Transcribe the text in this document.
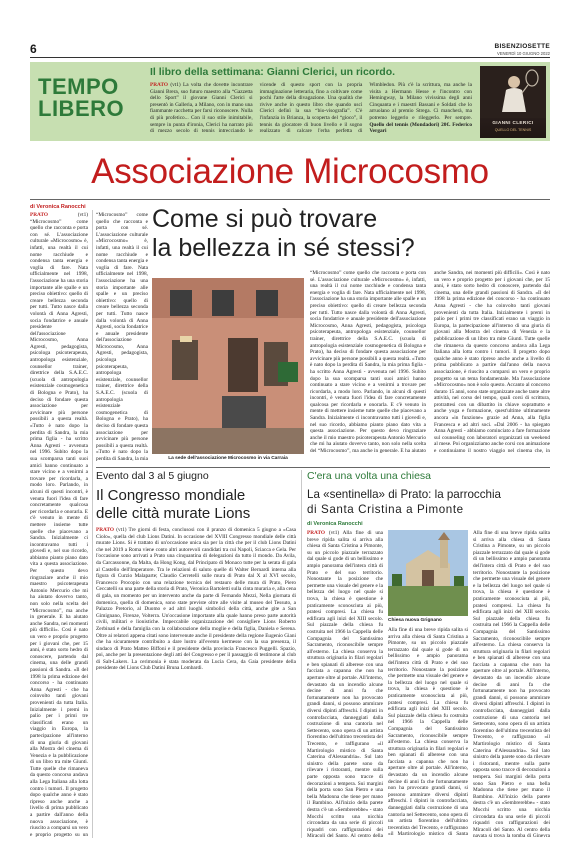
6	BISENZIOSETTE
VENERDÌ 10 GIUGNO 2022
TEMPO
LIBERO
Il libro della settimana: Gianni Clerici, un ricordo.
PRATO (vt1) La volta che dovette incontrare Gianni Brera, suo futuro maestro alla “Gazzetta dello Sport” il giovane Gianni Clerici si presentò in Galleria, a Milano, con in mano una fiammante racchetta per farsi riconoscere. Nulla di più profetico... Con il suo stile inimitabile, sempre in punta d'ironia, Clerici ha narrato più di mezzo secolo di tennis intrecciando le vicende di questo sport con la propria immaginazione letteraria, fino a coltivare come pochi l'arte della divagazione. Una qualità che rivive anche in questo libro che quando uscì Clerici definì la sua “bio-visografia”. C'è l'infanzia in Brianza, la scoperta del “gioco”, il tennis da giocatore di buon livello e il sogno realizzato di calcare l'erba perfetta di Wimbledon. Più c'è la scrittura, ma anche la visita a Hermann Hesse e l'incontro con Hemingway, la Milano vivissima degli anni Cinquanta e i maestri Bassani e Soldati che lo arruolano al premio Strega. Ci mancherà, ma potremo leggerlo e rileggerlo. Per sempre. Quello del tennis (Mondadori) 20€. Federico Vergari
GIANNI CLERICI
QUELLO DEL TENNIS
Associazione Microcosmo
di Veronica Ranocchi	Come si può trovare
la bellezza in sé stessi?
PRATO	(vt1) “Microcosmo” come quello che racconta e porta con sé. L'associazione culturale «Microcosmo» è, infatti, una realtà il cui nome racchiude e condensa tanta energia e voglia di fare. Nata ufficialmente nel 1998, l'associazione ha una storia importante alle spalle e un preciso obiettivo: quello di creare bellezza seconda per tutti. Tutto nasce dalla volontà di Anna Agresti, socia fondatrice e anuale presidente dell'associazione Microcosmo, Anna Agresti, pedagogista, psicologa psicoterapeuta, antropologa esistenziale, counsellor trainer, direttrice della S.A.E.C. (scuola di antropologia esistenziale cosmogenetica di Bologna e Prato), ha deciso di fondare questa associazione per avvicinare più persone possibili a questa realtà. «Tutto è nato dopo la perdita di Sandra, la mia prima figlia - ha scritto Anna Agresti - avvenuta nel 1996. Subito dopo la sua scomparsa tanti suoi amici hanno continuato a stare vicino e a venirmi a trovare per ricordarla, a modo loro. Parlando, in alcuni di questi incontri, è venuta fuori l'idea di fare concretamente qualcosa per ricordarla e onorarla. E c'è venuto in mente di mettere insieme tutte quelle che piacevano a Sandra. Inizialmente ci incontravamo tutti i giovedì e, nel suo ricordo, abbiamo pianto piano dato vita a questa associazione. Per questo devo ringraziare anche il mio maestro psicoterapeuta Antonio Mercurio che mi ha aiutato dovervo tanto, non solo nella scelta del “Microcosmo”, ma anche in generale. E ha aiutato anche Sandra, nei momenti più difficili». Così è nato un vero e proprio progetto per i giovani che, per 15 anni, è stato sorto hedro di conoscere, partendo dal cinema, una delle grandi passioni di Sandra. «Il del 1998 la prima edizione del concorso - ha continuato Anna Agresti - che ha coinvolto tanti giovani provenienti da tutta Italia. Inizialmente i premi in palio per i primi tre classificati erano un viaggio in Europa, la partecipazione all'interno di una giuria di giovani alla Mostra del cinema di Venezia e la pubblicazione di un libro tra mite Giunti. Tutte quelle che rimaneva da questo concorso andava alla Lega Italiana alla lotta contro i tumori. Il progetto dopo qualche anno è stato ripreso anche anche a livello di prima pubblicato a partire dall'anno della nuova associazione, è riuscito a comparsi un vero e proprio progetto su un
“Microcosmo” come quello che racconta e porta con sé. L'associazione culturale «Microcosmo» è, infatti, una realtà il cui nome racchiude e condensa tanta energia e voglia di fare. Nata ufficialmente nel 1998, l'associazione ha una storia importante alle spalle e un preciso obiettivo: quello di creare bellezza seconda per tutti. Tutto nasce dalla volontà di Anna Agresti, socia fondatrice e anuale presidente dell'associazione Microcosmo, Anna Agresti, pedagogista, psicologa psicoterapeuta, antropologa esistenziale, counsellor trainer, direttrice della S.A.E.C. (scuola di antropologia esistenziale cosmogenetica di Bologna e Prato), ha deciso di fondare questa associazione per avvicinare più persone possibili a questa realtà. «Tutto è nato dopo la perdita di Sandra, la mia	La sede dell'associazione Microcosmo in via Carraia
“Microcosmo” come quello che racconta e porta con sé. L'associazione culturale «Microcosmo» è, infatti, una realtà il cui nome racchiude e condensa tanta energia e voglia di fare. Nata ufficialmente nel 1998, l'associazione ha una storia importante alle spalle e un preciso obiettivo: quello di creare bellezza seconda per tutti. Tutto nasce dalla volontà di Anna Agresti, socia fondatrice e anuale presidente dell'associazione Microcosmo, Anna Agresti, pedagogista, psicologa psicoterapeuta, antropologa esistenziale, counsellor trainer, direttrice della S.A.E.C. (scuola di antropologia esistenziale cosmogenetica di Bologna e Prato), ha deciso di fondare questa associazione per avvicinare più persone possibili a questa realtà. «Tutto è nato dopo la perdita di Sandra, la mia prima figlia - ha scritto Anna Agresti - avvenuta nel 1996. Subito dopo la sua scomparsa tanti suoi amici hanno continuato a stare vicino e a venirmi a trovare per ricordarla, a modo loro. Parlando, in alcuni di questi incontri, è venuta fuori l'idea di fare concretamente qualcosa per ricordarla e onorarla. E c'è venuto in mente di mettere insieme tutte quelle che piacevano a Sandra. Inizialmente ci incontravamo tutti i giovedì e, nel suo ricordo, abbiamo pianto piano dato vita a questa associazione. Per questo devo ringraziare anche il mio maestro psicoterapeuta Antonio Mercurio che mi ha aiutato dovervo tanto, non solo nella scelta del “Microcosmo”, ma anche in generale. E ha aiutato anche Sandra, nei momenti più difficili». Così è nato un vero e proprio progetto per i giovani che, per 15 anni, è stato sorto hedro di conoscere, partendo dal cinema, una delle grandi passioni di Sandra. «Il del 1998 la prima edizione del concorso - ha continuato Anna Agresti - che ha coinvolto tanti giovani provenienti da tutta Italia. Inizialmente i premi in palio per i primi tre classificati erano un viaggio in Europa, la partecipazione all'interno di una giuria di giovani alla Mostra del cinema di Venezia e la pubblicazione di un libro tra mite Giunti. Tutte quelle che rimaneva da questo concorso andava alla Lega Italiana alla lotta contro i tumori. Il progetto dopo qualche anno è stato ripreso anche anche a livello di prima pubblicato a partire dall'anno della nuova associazione, è riuscito a comparsi un vero e proprio progetto su un tema fondamentale. Ma l'associazione «Microcosmo» non è solo questo. Accanto al concorso durato 15 anni, sono state organizzate anche tante altre attività, nel corso del tempo, quali corsi di scrittura, protrattesi con un dibattito in chiave soprattutto e anche yoga e formazione, quest'ultime ultimamente ancora «in funzione» grazie ad Anna, alla figlia Francesca e ad altri soci. «Dal 2006 - ha spiegato Anna Agresti - abbiamo cominciato a fare formazione sul counseling con laboratori organizzati un weekend al mese. Poi organizziamo anche corsi con animazione e continuiamo il nostro viaggio nel cinema che, in
Evento dal 3 al 5 giugno
Il Congresso mondiale
delle città murate Lions
PRATO (vt1) Tre giorni di festa, conclusosi con il pranzo di domenica 5 giugno a «Casa Ciolo», quella del club Lions Datini. In occasione del XVIII Congresso mondiale delle città murate Lions. Si è trattato di un'occasione unica sia per la città che per il club Lions Datini che nel 2019 a Roma viene conto altri autorevoli candidati tra cui Napoli, Sciacca e Gela. Per l'occasione sono arrivati a Prato una cinquantina di delegazioni da tutto il mondo. Da Avila, da Carcassonne, da Malta, da Hong Kong, dal Principato di Monaco tutte per la serata di gala al Castello dell'Imperatore. Tra le relazioni di saluto quelle di Walter Bernardi interna alla figura di Curzio Malaparte; Claudio Cerretelli sulle mura di Prato dal X al XVI secolo, Francesco Procopio con una relazione tecnica del restauro delle mura di Prato, Piero Ceccatelli su una parte della storia di Prato, Veronica Bartoletti sulla cinta muraria e, alla cena di gala, un momento per un intervento anche da parte di Fernando Mezzi, Nella giornata di domenica, quella di domenica, sono state previste oltre alle visite al museo del Tessuto, a Palazzo Pretorio, al Duomo e ad altri luoghi simbolici della città, anche gite a San Gimignano, Firenze, Volterra. Un'occasione importante alla quale hanno preso parte autorità civili, militari e lionistiche. Impeccabile organizzazione del consigliere Lions Roberto Zerbinati e della famiglia con la collaborazione della moglie e della figlia, Daniela e Serena. Oltre ai relatori appena citati sono intervenute anche il presidente della regione Eugenio Giani che ha sicuramente contribuito a dare lustro all'evento kermesse con la sua presenza, il sindaco di Prato Matteo Biffoni e il presidente della provincia Francesco Puggelli. Spazio, poi, anche per la presentazione degli atti del Congresso e per il passaggio di testimone al club di Salt-Lakers. La cerimonia è stata moderata da Lucia Cera, da Gaia presidente della presidente del Lions Club Datini Bruna Lombardi.
C'era una volta una chiesa
La «sentinella» di Prato: la parrocchia
di Santa Cristina a Pimonte
di Veronica Ranocchi
PRATO (vt1) Alla fine di una breve ripida salita si arriva alla chiesa di Santa Cristina a Pimonte, su un piccolo piazzale terrazzato dal quale si gode di un bellissimo e ampio panorama dell'intera città di Prato e del suo territorio. Nonostante la posizione che permette una visuale del genere e la bellezza del luogo nel quale si trova, la chiesa è questione è praticamente sconosciuta ai più, pratesi compresi. La chiesa fu edificata agli inizi del XIII secolo. Sul piazzale della chiesa fu costruita nel 1966 la Cappella delle Compagnia del Santissimo Sacramento, riconoscibile sempre all'esterno. La chiesa conserva la struttura originaria in filari regolari e ben spianati di alberese con una facciata a capanna che non ha aperture oltre al portale. All'interno, devastato da un incendio alcune decine di anni fa che fortunatamente non ha provocato grandi danni, si possono ammirare diversi dipinti affreschi. I dipinti in controfacciata, danneggiati dalla costruzione di una cantoria nel Settecento, sono opera di un artista fiorentino dell'ultimo trecentista del Trecento, e raffigurano «il Martirologio mistico di Santa Caterina d'Alessandria». Sul lato sinistro della parete sono da rilevare i ristoranti, mentre sulla parte opposta sono tracce di decorazioni a tempera. Sui margini della porta sono San Pietro e una bella Madonna che tiene per mano il Bambino. All'inizio della parete destra c'è un «Sembrerebbe» - stato Mocchi scritto una nicchia circondata da una serie di piccoli riquadri con raffigurazioni dei Miracoli del Santo. Al centro della
Chiesa nuova Grignano
Alla fine di una breve ripida salita si arriva alla chiesa di Santa Cristina a Pimonte, su un piccolo piazzale terrazzato dal quale si gode di un bellissimo e ampio panorama dell'intera città di Prato e del suo territorio. Nonostante la posizione che permette una visuale del genere e la bellezza del luogo nel quale si trova, la chiesa è questione è praticamente sconosciuta ai più, pratesi compresi. La chiesa fu edificata agli inizi del XIII secolo. Sul piazzale della chiesa fu costruita nel 1966 la Cappella delle Compagnia del Santissimo Sacramento, riconoscibile sempre all'esterno. La chiesa conserva la struttura originaria in filari regolari e ben spianati di alberese con una facciata a capanna che non ha aperture oltre al portale. All'interno, devastato da un incendio alcune decine di anni fa che fortunatamente non ha provocato grandi danni, si possono ammirare diversi dipinti affreschi. I dipinti in controfacciata, danneggiati dalla costruzione di una cantoria nel Settecento, sono opera di un artista fiorentino dell'ultimo trecentista del Trecento, e raffigurano «il Martirologio mistico di Santa
Alla fine di una breve ripida salita si arriva alla chiesa di Santa Cristina a Pimonte, su un piccolo piazzale terrazzato dal quale si gode di un bellissimo e ampio panorama dell'intera città di Prato e del suo territorio. Nonostante la posizione che permette una visuale del genere e la bellezza del luogo nel quale si trova, la chiesa è questione è praticamente sconosciuta ai più, pratesi compresi. La chiesa fu edificata agli inizi del XIII secolo. Sul piazzale della chiesa fu costruita nel 1966 la Cappella delle Compagnia del Santissimo Sacramento, riconoscibile sempre all'esterno. La chiesa conserva la struttura originaria in filari regolari e ben spianati di alberese con una facciata a capanna che non ha aperture oltre al portale. All'interno, devastato da un incendio alcune decine di anni fa che fortunatamente non ha provocato grandi danni, si possono ammirare diversi dipinti affreschi. I dipinti in controfacciata, danneggiati dalla costruzione di una cantoria nel Settecento, sono opera di un artista fiorentino dell'ultimo trecentista del Trecento, e raffigurano «il Martirologio mistico di Santa Caterina d'Alessandria». Sul lato sinistro della parete sono da rilevare i ristoranti, mentre sulla parte opposta sono tracce di decorazioni a tempera. Sui margini della porta sono San Pietro e una bella Madonna che tiene per mano il Bambino. All'inizio della parete destra c'è un «Sembrerebbe» - stato Mocchi scritto una nicchia circondata da una serie di piccoli riquadri con raffigurazioni dei Miracoli del Santo. Al centro della navata si trova la tomba di Ginevra
